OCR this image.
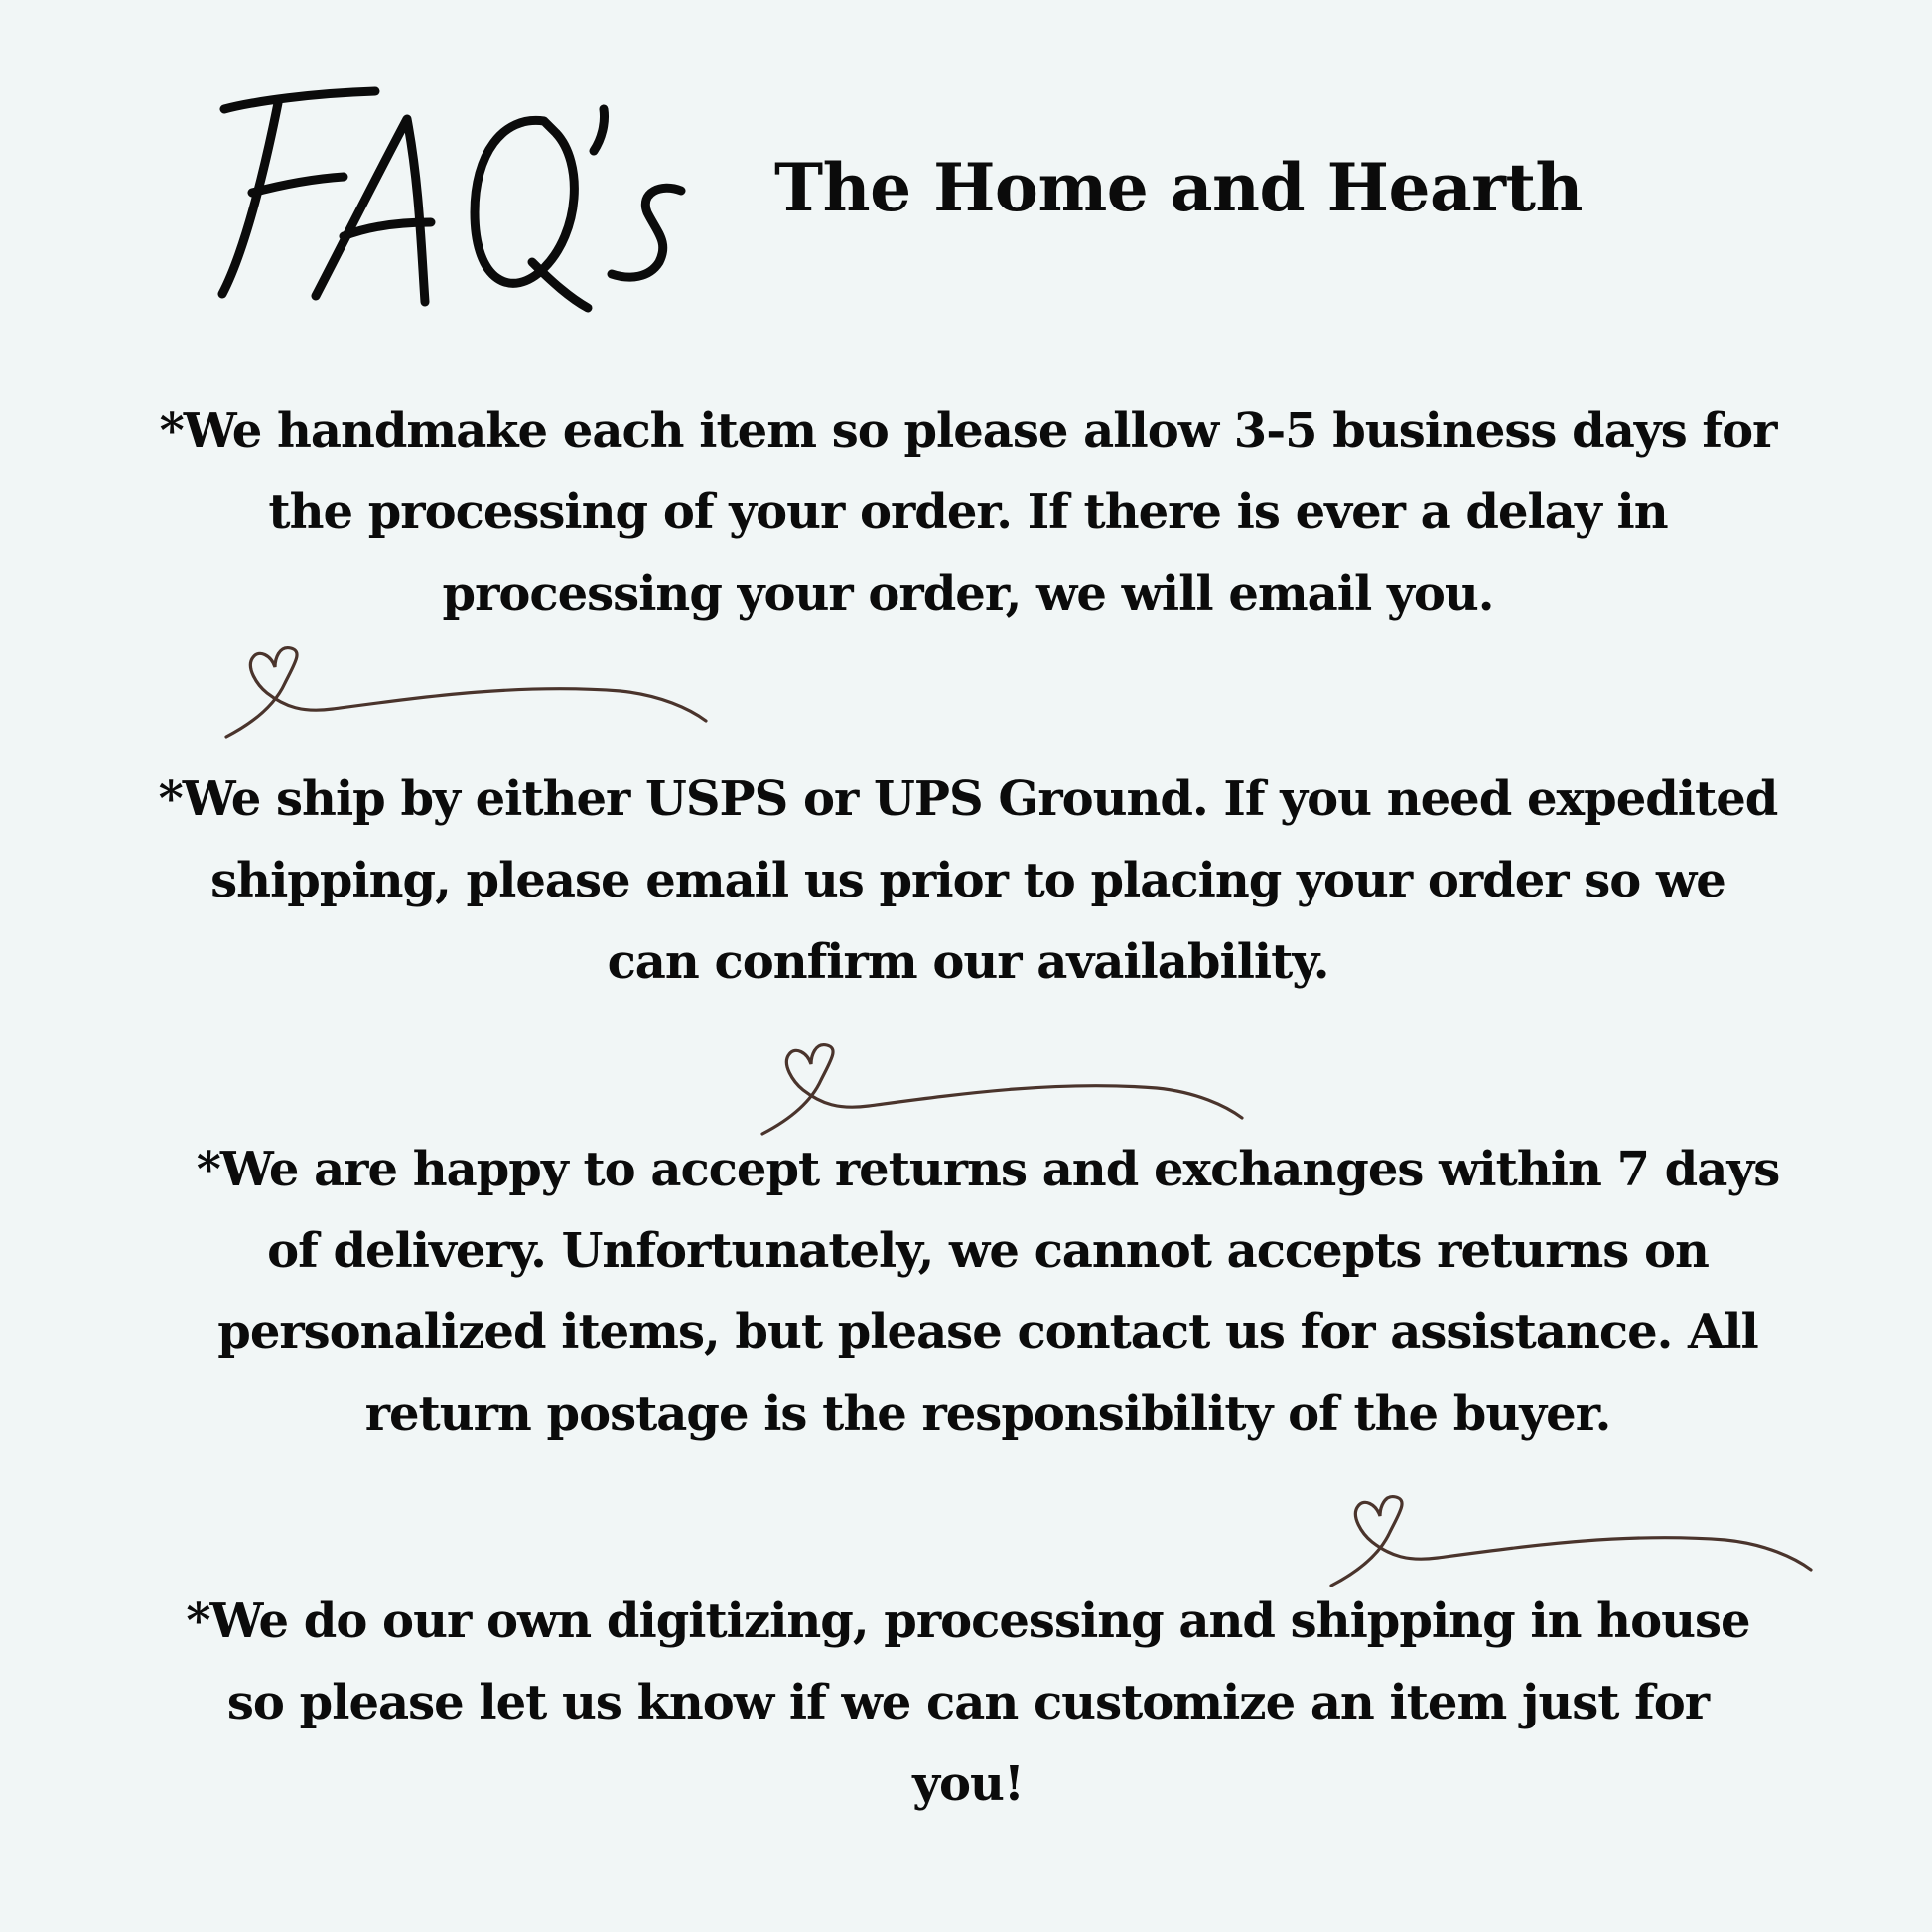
The Home and Hearth
*We handmake each item so please allow 3-5 business days for
the processing of your order. If there is ever a delay in
processing your order, we will email you.
*We ship by either USPS or UPS Ground. If you need expedited
shipping, please email us prior to placing your order so we
can confirm our availability.
*We are happy to accept returns and exchanges within 7 days
of delivery. Unfortunately, we cannot accepts returns on
personalized items, but please contact us for assistance. All
return postage is the responsibility of the buyer.
*We do our own digitizing, processing and shipping in house
so please let us know if we can customize an item just for
you!
